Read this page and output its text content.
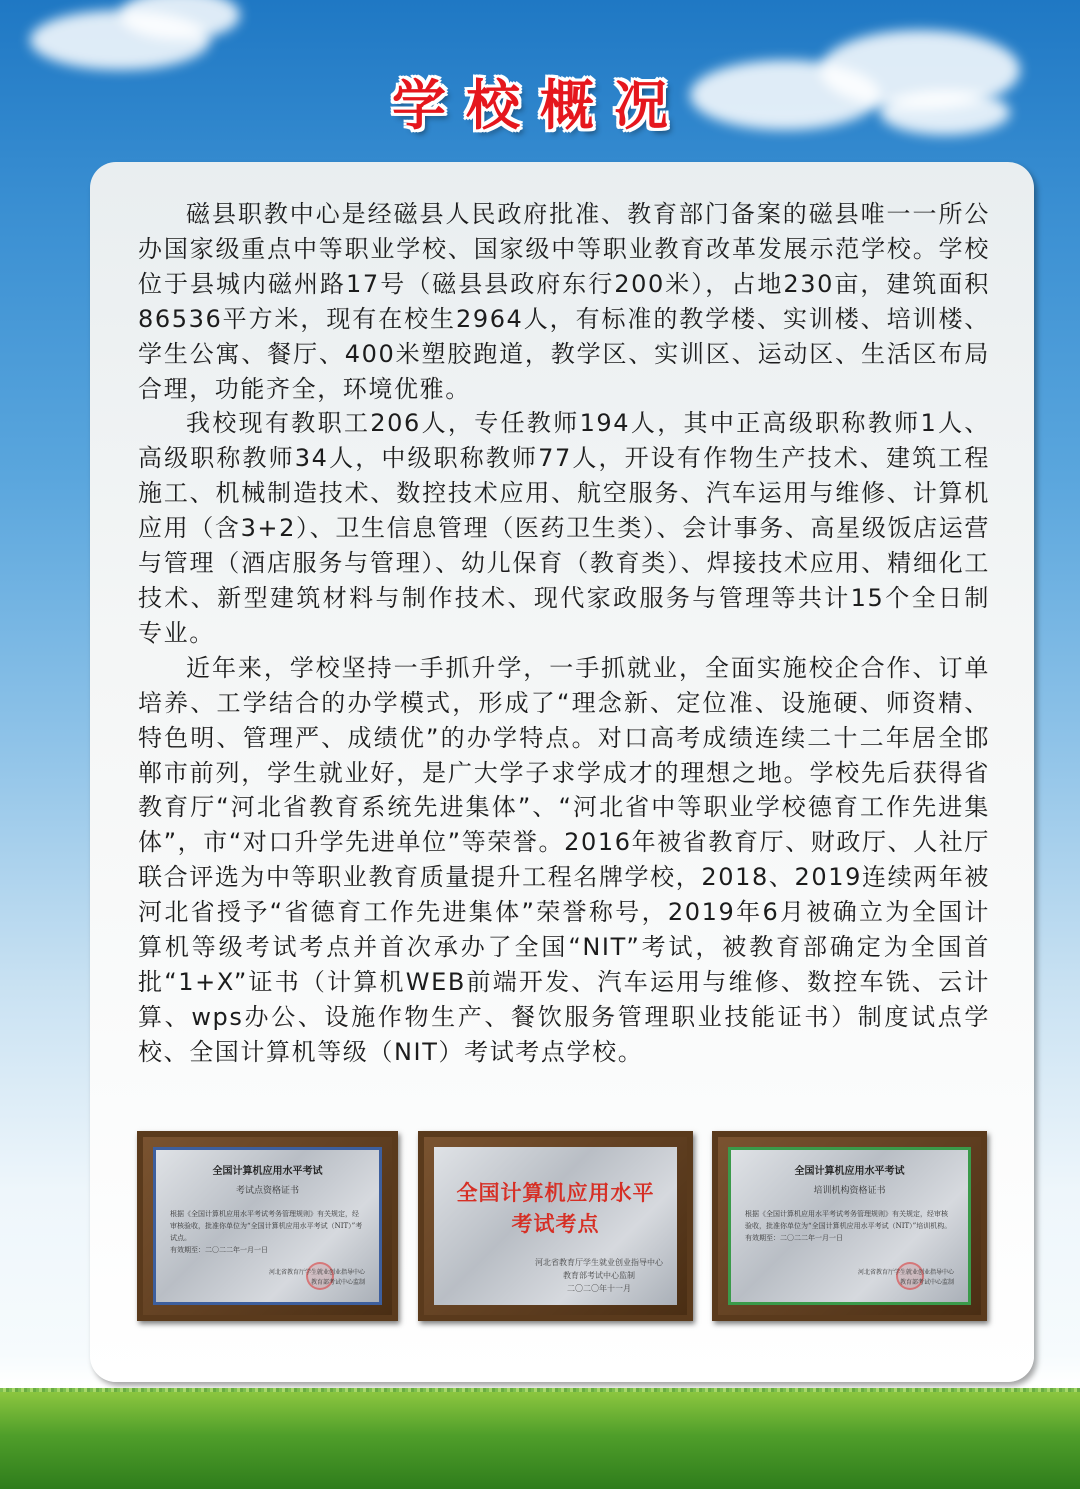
学校概况

磁县职教中心是经磁县人民政府批准、教育部门备案的磁县唯一一所公办国家级重点中等职业学校、国家级中等职业教育改革发展示范学校。学校位于县城内磁州路17号（磁县县政府东行200米），占地230亩，建筑面积86536平方米，现有在校生2964人，有标准的教学楼、实训楼、培训楼、学生公寓、餐厅、400米塑胶跑道，教学区、实训区、运动区、生活区布局合理，功能齐全，环境优雅。

我校现有教职工206人，专任教师194人，其中正高级职称教师1人、高级职称教师34人，中级职称教师77人，开设有作物生产技术、建筑工程施工、机械制造技术、数控技术应用、航空服务、汽车运用与维修、计算机应用（含3+2）、卫生信息管理（医药卫生类）、会计事务、高星级饭店运营与管理（酒店服务与管理）、幼儿保育（教育类）、焊接技术应用、精细化工技术、新型建筑材料与制作技术、现代家政服务与管理等共计15个全日制专业。

近年来，学校坚持一手抓升学，一手抓就业，全面实施校企合作、订单培养、工学结合的办学模式，形成了“理念新、定位准、设施硬、师资精、特色明、管理严、成绩优”的办学特点。对口高考成绩连续二十二年居全邯郸市前列，学生就业好，是广大学子求学成才的理想之地。学校先后获得省教育厅“河北省教育系统先进集体”、“河北省中等职业学校德育工作先进集体”，市“对口升学先进单位”等荣誉。2016年被省教育厅、财政厅、人社厅联合评选为中等职业教育质量提升工程名牌学校，2018、2019连续两年被河北省授予“省德育工作先进集体”荣誉称号，2019年6月被确立为全国计算机等级考试考点并首次承办了全国“NIT”考试，被教育部确定为全国首批“1+X”证书（计算机WEB前端开发、汽车运用与维修、数控车铣、云计算、wps办公、设施作物生产、餐饮服务管理职业技能证书）制度试点学校、全国计算机等级（NIT）考试考点学校。

全国计算机应用水平考试
考试点资格证书
根据《全国计算机应用水平考试考务管理规则》有关规定，经审核验收，批准你单位为“全国计算机应用水平考试（NIT）”考试点。
有效期至：二〇二二年一月一日
河北省教育厅学生就业创业指导中心
教育部考试中心监制
全国计算机应用水平
考试考点
河北省教育厅学生就业创业指导中心
教育部考试中心监制
二〇二〇年十一月
全国计算机应用水平考试
培训机构资格证书
根据《全国计算机应用水平考试考务管理规则》有关规定，经审核验收，批准你单位为“全国计算机应用水平考试（NIT）”培训机构。
有效期至：二〇二二年一月一日
河北省教育厅学生就业创业指导中心
教育部考试中心监制
